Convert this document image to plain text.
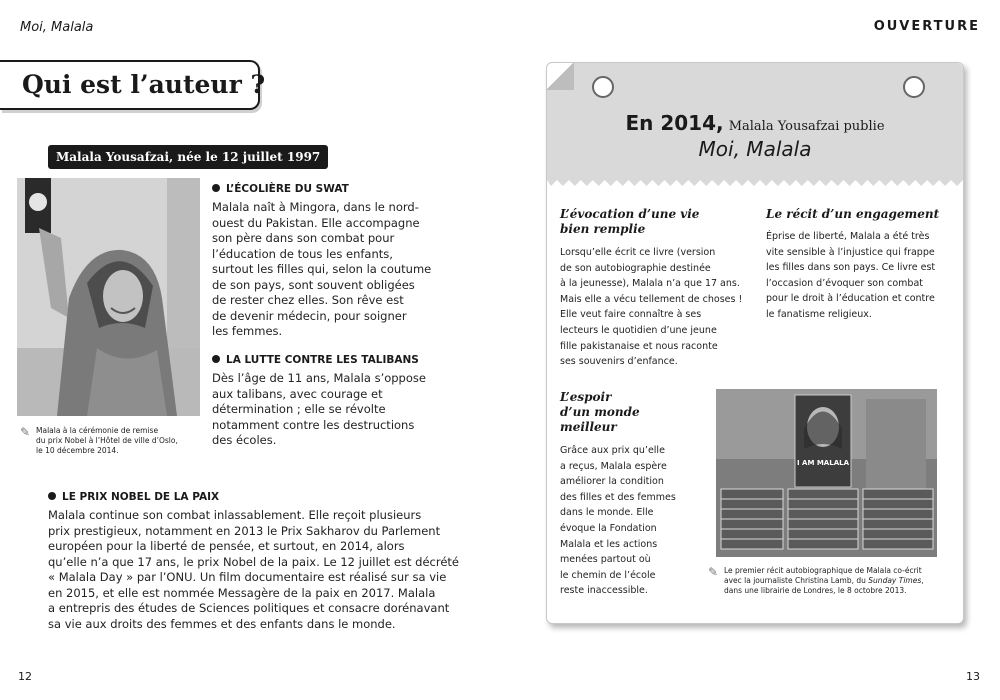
Moi, Malala	OUVERTURE
Qui est l’auteur ?
Malala Yousafzai, née le 12 juillet 1997
✎ Malala à la cérémonie de remise
du prix Nobel à l’Hôtel de ville d’Oslo,
le 10 décembre 2014.
L’ÉCOLIÈRE DU SWAT
Malala naît à Mingora, dans le nord-
ouest du Pakistan. Elle accompagne
son père dans son combat pour
l’éducation de tous les enfants,
surtout les filles qui, selon la coutume
de son pays, sont souvent obligées
de rester chez elles. Son rêve est
de devenir médecin, pour soigner
les femmes.
LA LUTTE CONTRE LES TALIBANS
Dès l’âge de 11 ans, Malala s’oppose
aux talibans, avec courage et
détermination ; elle se révolte
notamment contre les destructions
des écoles.
LE PRIX NOBEL DE LA PAIX
Malala continue son combat inlassablement. Elle reçoit plusieurs
prix prestigieux, notamment en 2013 le Prix Sakharov du Parlement
européen pour la liberté de pensée, et surtout, en 2014, alors
qu’elle n’a que 17 ans, le prix Nobel de la paix. Le 12 juillet est décrété
« Malala Day » par l’ONU. Un film documentaire est réalisé sur sa vie
en 2015, et elle est nommée Messagère de la paix en 2017. Malala
a entrepris des études de Sciences politiques et consacre dorénavant
sa vie aux droits des femmes et des enfants dans le monde.
12
En 2014, Malala Yousafzai publie
Moi, Malala
L’évocation d’une vie
bien remplie
Lorsqu’elle écrit ce livre (version
de son autobiographie destinée
à la jeunesse), Malala n’a que 17 ans.
Mais elle a vécu tellement de choses !
Elle veut faire connaître à ses
lecteurs le quotidien d’une jeune
fille pakistanaise et nous raconte
ses souvenirs d’enfance.
Le récit d’un engagement
Éprise de liberté, Malala a été très
vite sensible à l’injustice qui frappe
les filles dans son pays. Ce livre est
l’occasion d’évoquer son combat
pour le droit à l’éducation et contre
le fanatisme religieux.
L’espoir
d’un monde
meilleur
Grâce aux prix qu’elle
a reçus, Malala espère
améliorer la condition
des filles et des femmes
dans le monde. Elle
évoque la Fondation
Malala et les actions
menées partout où
le chemin de l’école
reste inaccessible.
I AM MALALA
✎ Le premier récit autobiographique de Malala co-écrit
avec la journaliste Christina Lamb, du Sunday Times,
dans une librairie de Londres, le 8 octobre 2013.
13
